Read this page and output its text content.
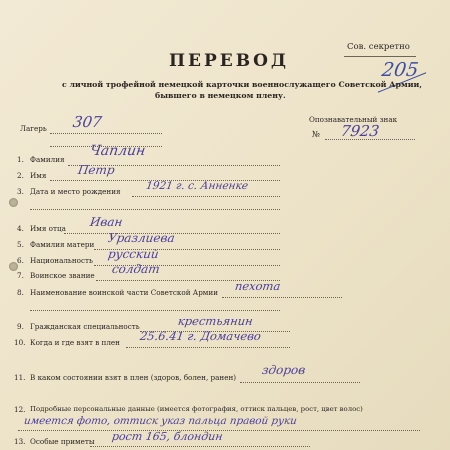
Сов. секретно
205
ПЕРЕВОД
с личной трофейной немецкой карточки военнослужащего Советской Армии,
бывшего в немецком плену.
Лагерь 307	Опознавательный знак
№ 7923
1. Фамилия
Чаплин
2. Имя	Петр
3. Дата и место рождения 1921 г. с. Анненке
4. Имя отца Иван
5. Фамилия матери Уразлиева
6. Национальность русский
7. Воинское звание солдат
8. Наименование воинской части Советской Армии пехота
9. Гражданская специальность	крестьянин
10. Когда и где взят в плен 25.6.41 г. Домачево
11. В каком состоянии взят в плен (здоров, болен, ранен)
здоров
12. Подробные персональные данные (имеется фотография, оттиск пальцев, рост, цвет волос)
имеется фото, оттиск указ пальца правой руки
13. Особые приметы рост 165, блондин
